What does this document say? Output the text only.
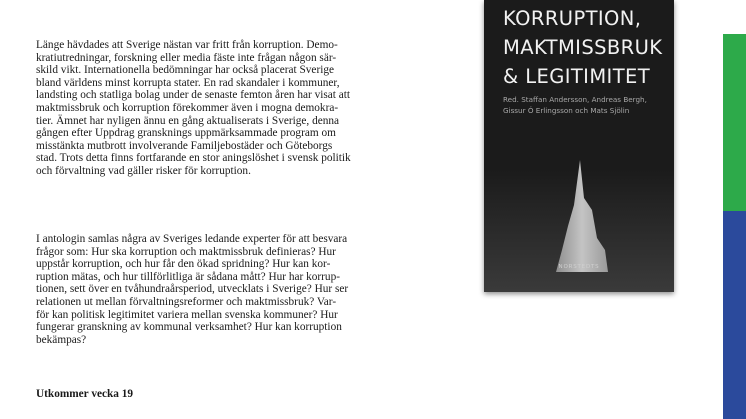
Länge hävdades att Sverige nästan var fritt från korruption. Demo-
kratiutredningar, forskning eller media fäste inte frågan någon sär-
skild vikt. Internationella bedömningar har också placerat Sverige
bland världens minst korrupta stater. En rad skandaler i kommuner,
landsting och statliga bolag under de senaste femton åren har visat att
maktmissbruk och korruption förekommer även i mogna demokra-
tier. Ämnet har nyligen ännu en gång aktualiserats i Sverige, denna
gången efter Uppdrag gransknings uppmärksammade program om
misstänkta mutbrott involverande Familjebostäder och Göteborgs
stad. Trots detta finns fortfarande en stor aningslöshet i svensk politik
och förvaltning vad gäller risker för korruption.

I antologin samlas några av Sveriges ledande experter för att besvara
frågor som: Hur ska korruption och maktmissbruk definieras? Hur
uppstår korruption, och hur får den ökad spridning? Hur kan kor-
ruption mätas, och hur tillförlitliga är sådana mått? Hur har korrup-
tionen, sett över en tvåhundraårsperiod, utvecklats i Sverige? Hur ser
relationen ut mellan förvaltningsreformer och maktmissbruk? Var-
för kan politisk legitimitet variera mellan svenska kommuner? Hur
fungerar granskning av kommunal verksamhet? Hur kan korruption
bekämpas?

Utkommer vecka 19
KORRUPTION,
MAKTMISSBRUK
& LEGITIMITET
Red. Staffan Andersson, Andreas Bergh,
Gissur Ó Erlingsson och Mats Sjölin
NORSTEDTS
